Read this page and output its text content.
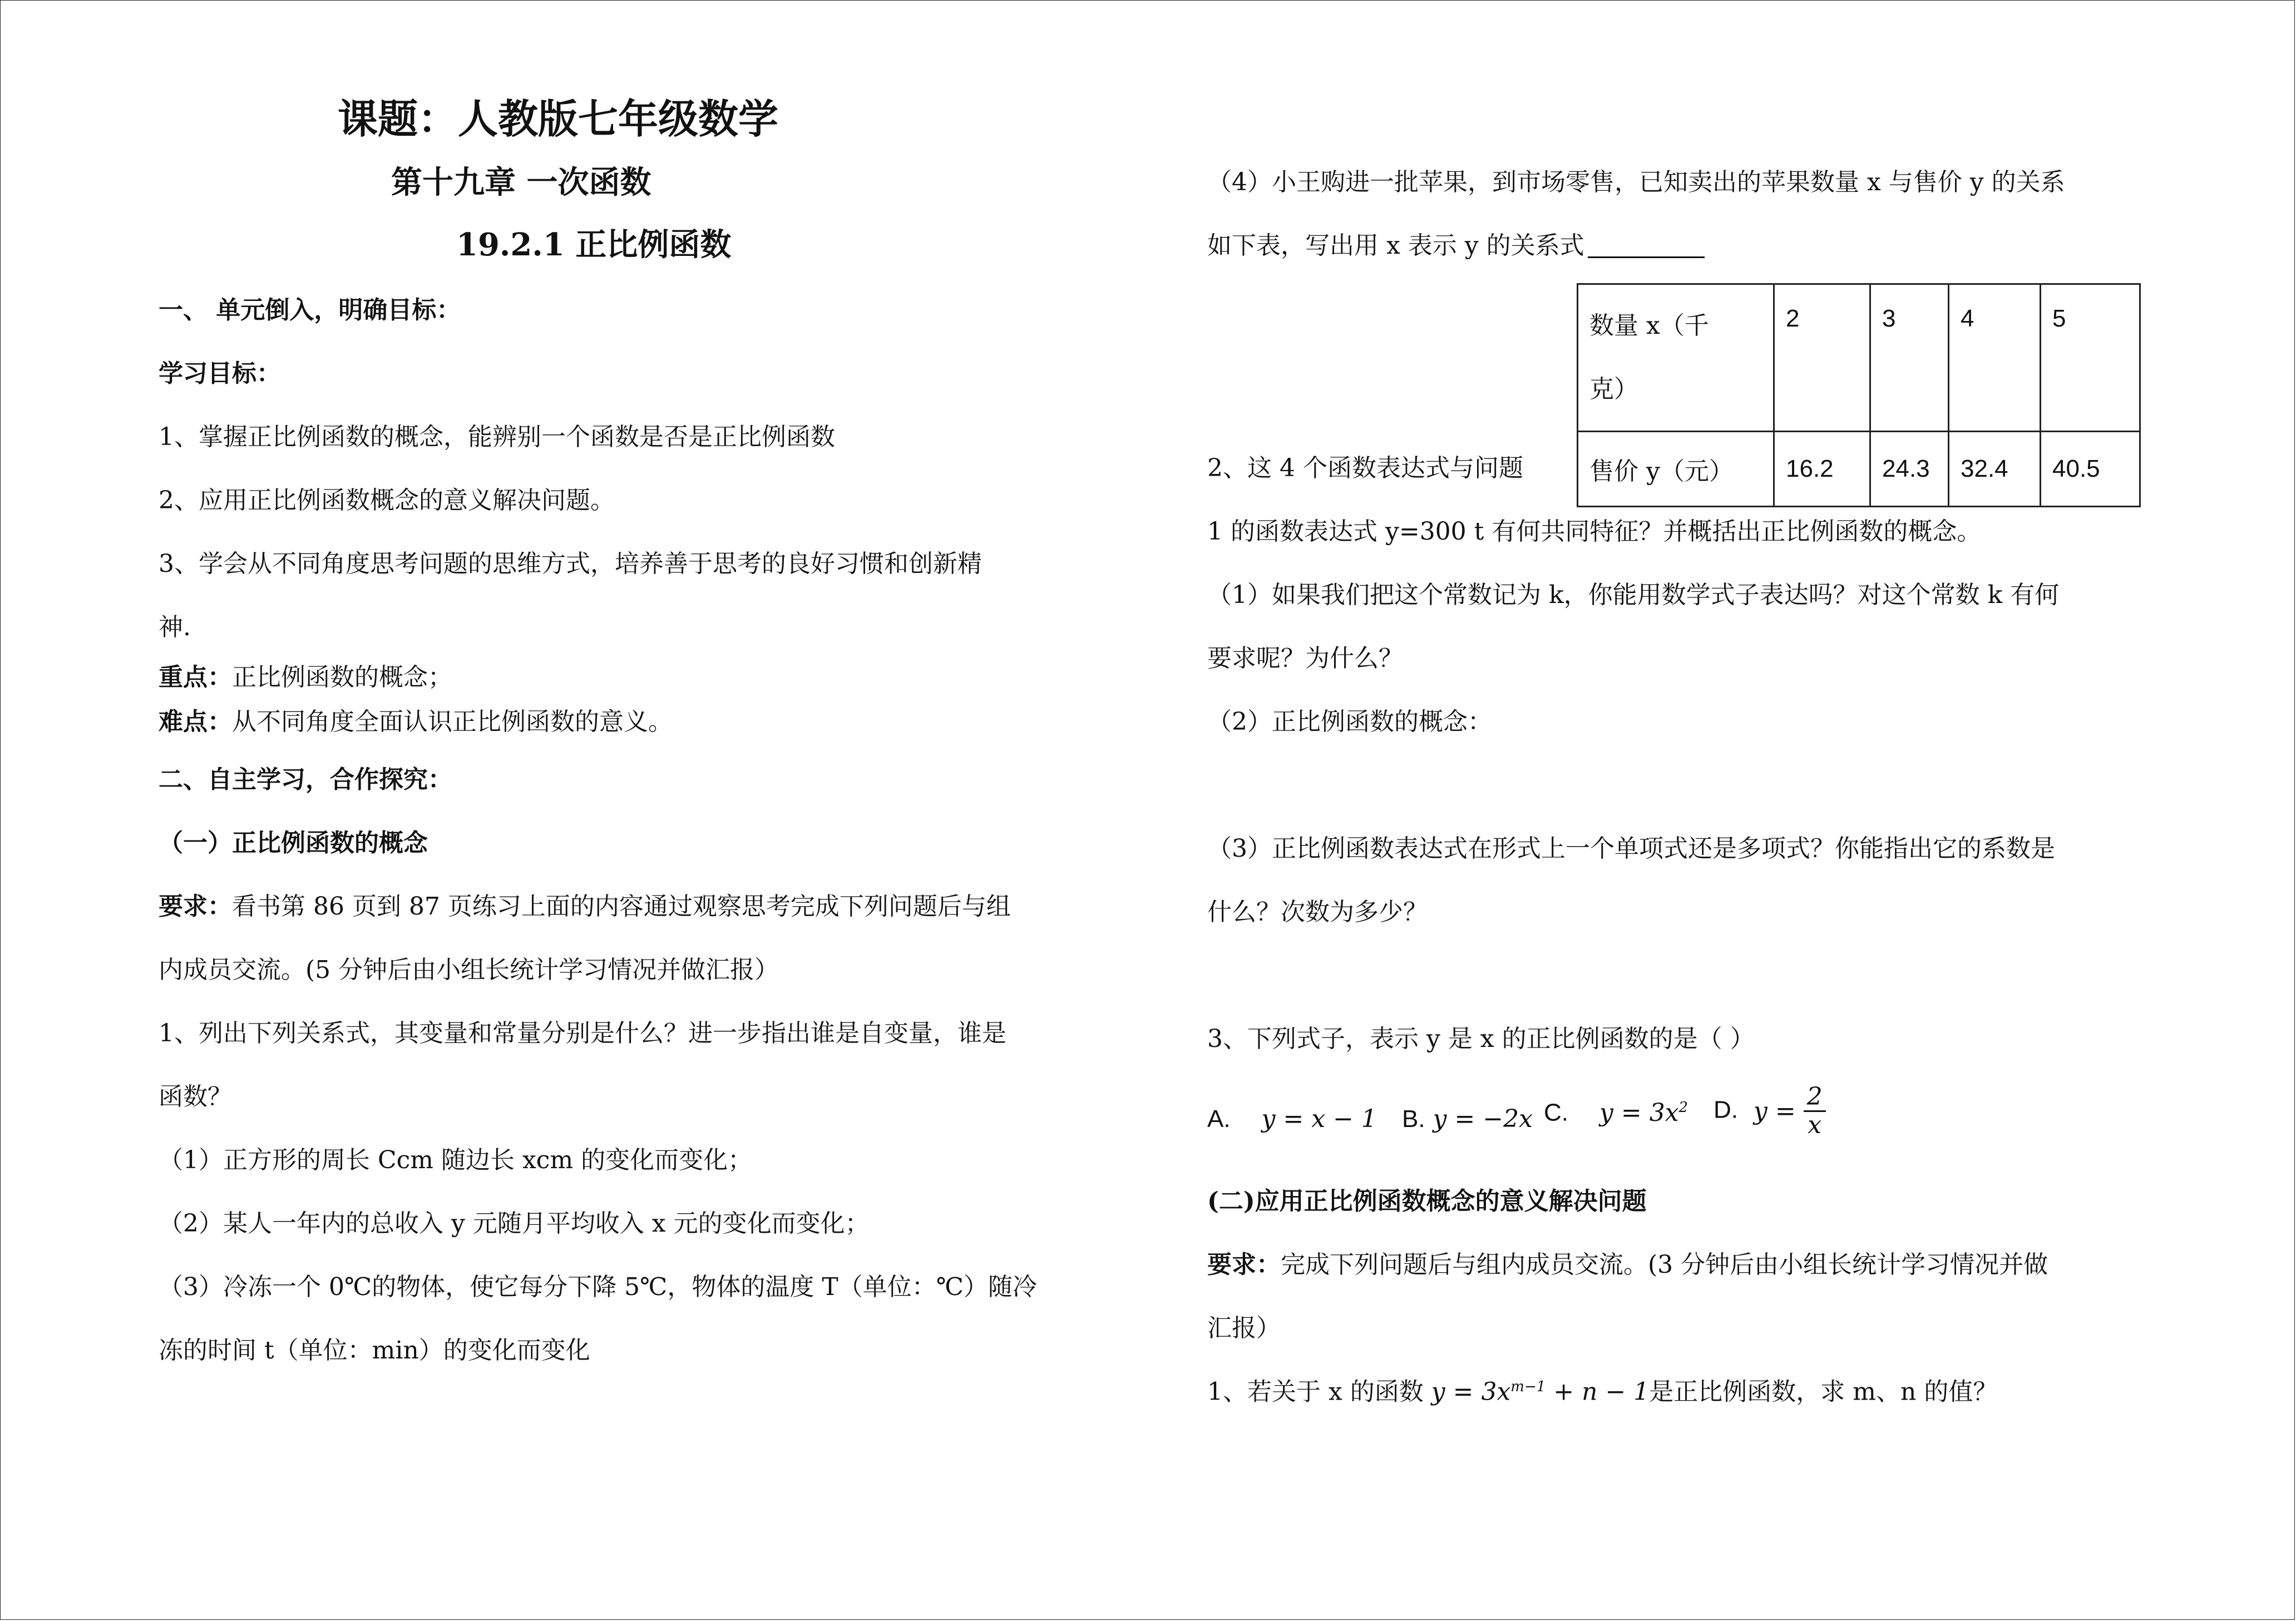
课题：人教版七年级数学
第十九章 一次函数
19.2.1 正比例函数
一、 单元倒入，明确目标：
学习目标：
1、掌握正比例函数的概念，能辨别一个函数是否是正比例函数
2、应用正比例函数概念的意义解决问题。
3、学会从不同角度思考问题的思维方式，培养善于思考的良好习惯和创新精
神.
重点：正比例函数的概念；
难点：从不同角度全面认识正比例函数的意义。
二、自主学习，合作探究：
（一）正比例函数的概念
要求：看书第 86 页到 87 页练习上面的内容通过观察思考完成下列问题后与组
内成员交流。(5 分钟后由小组长统计学习情况并做汇报）
1、列出下列关系式，其变量和常量分别是什么？进一步指出谁是自变量，谁是
函数？
（1）正方形的周长 Ccm 随边长 xcm 的变化而变化；
（2）某人一年内的总收入 y 元随月平均收入 x 元的变化而变化；
（3）冷冻一个 0℃的物体，使它每分下降 5℃，物体的温度 T（单位：℃）随冷
冻的时间 t（单位：min）的变化而变化
（4）小王购进一批苹果，到市场零售，已知卖出的苹果数量 x 与售价 y 的关系
如下表，写出用 x 表示 y 的关系式
数量 x（千
克）	2	3	4	5
售价 y（元）	16.2	24.3	32.4	40.5
2、这 4 个函数表达式与问题
1 的函数表达式 y=300 t 有何共同特征？并概括出正比例函数的概念。
（1）如果我们把这个常数记为 k，你能用数学式子表达吗？对这个常数 k 有何
要求呢？为什么？
（2）正比例函数的概念：
（3）正比例函数表达式在形式上一个单项式还是多项式？你能指出它的系数是
什么？次数为多少？
3、下列式子，表示 y 是 x 的正比例函数的是（ ）
A. y = x − 1 B. y = −2x C. $y = 3x^2$ D. $y = \frac{2}{x}$
(二)应用正比例函数概念的意义解决问题
要求：完成下列问题后与组内成员交流。(3 分钟后由小组长统计学习情况并做
汇报）
1、若关于 x 的函数 $y = 3x^{m-1} + n - 1$是正比例函数，求 m、n 的值？
